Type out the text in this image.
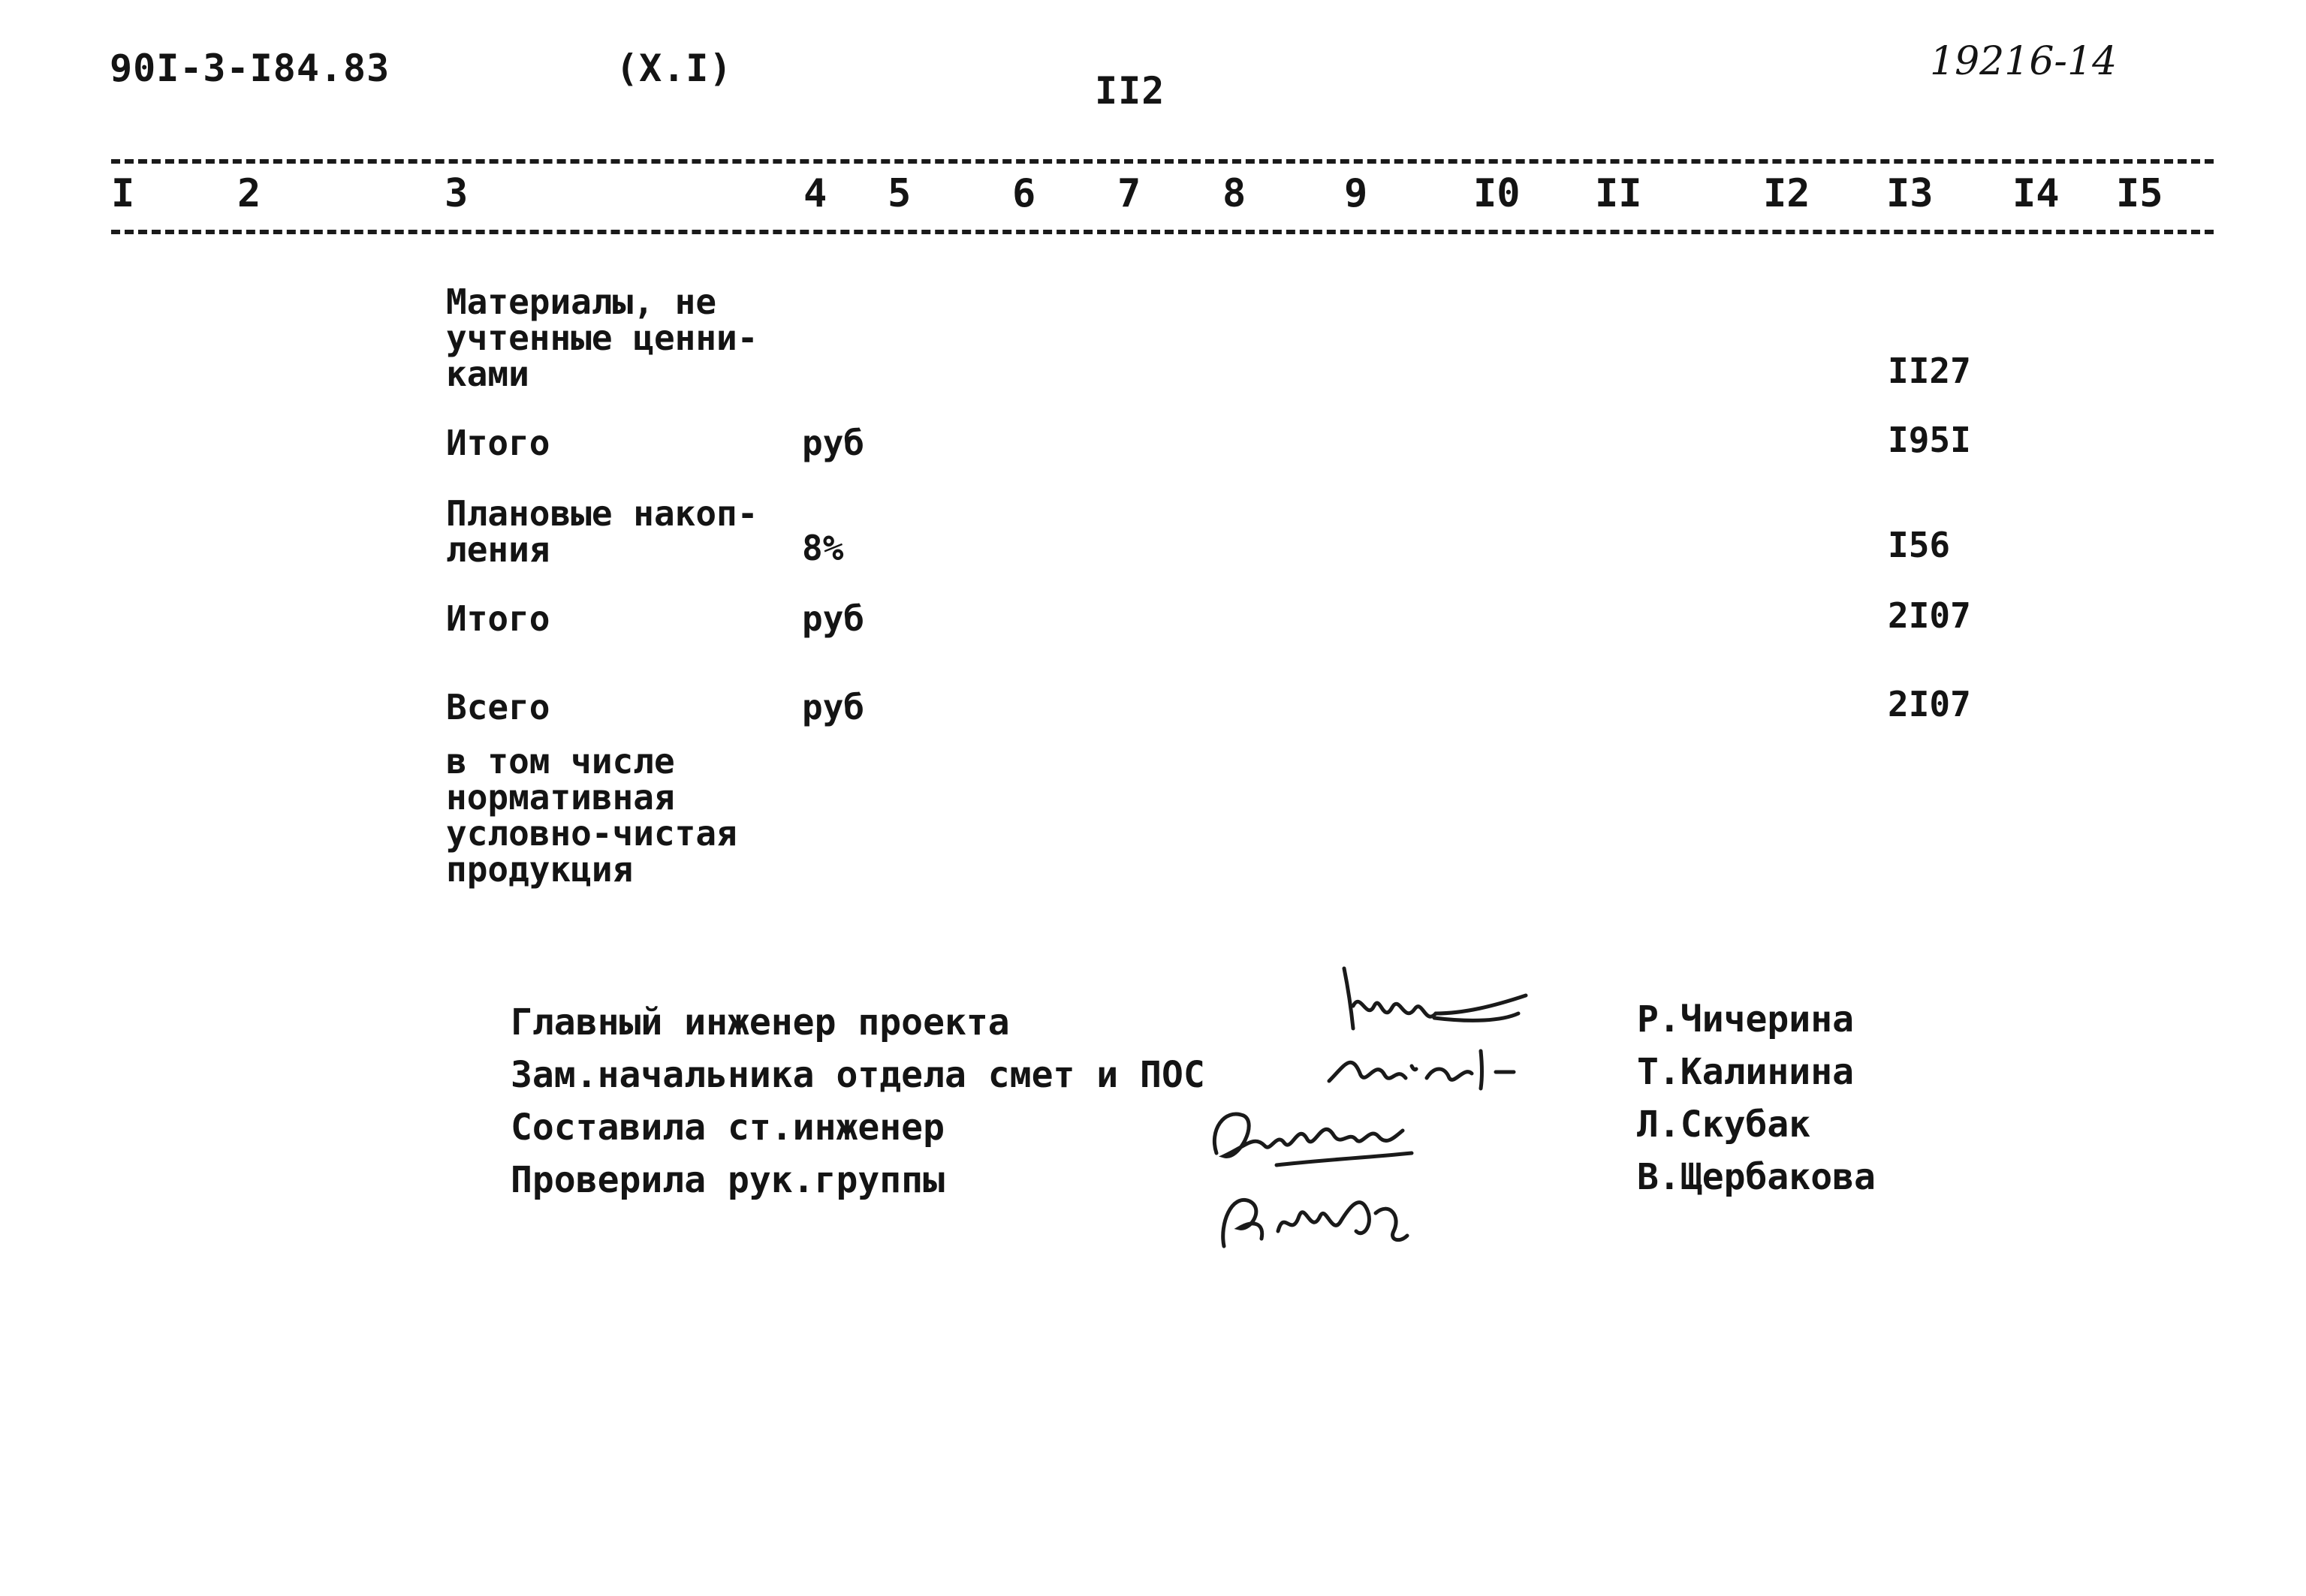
90I-3-I84.83	(X.I)
II2
19216-14
I	2	3	4 5	6 7 8	9	I0 II	I2 I3 I4 I5
Материалы, не
учтенные ценни-
ками	II27
Итого	руб	I95I
Плановые накоп-
ления	8%	I56
Итого	руб	2I07
Всего	руб	2I07
в том числе
нормативная
условно-чистая
продукция
Главный инженер проекта	Р.Чичерина
Зам.начальника отдела смет и ПОС	Т.Калинина
Составила ст.инженер	Л.Скубак
Проверила рук.группы	В.Щербакова
